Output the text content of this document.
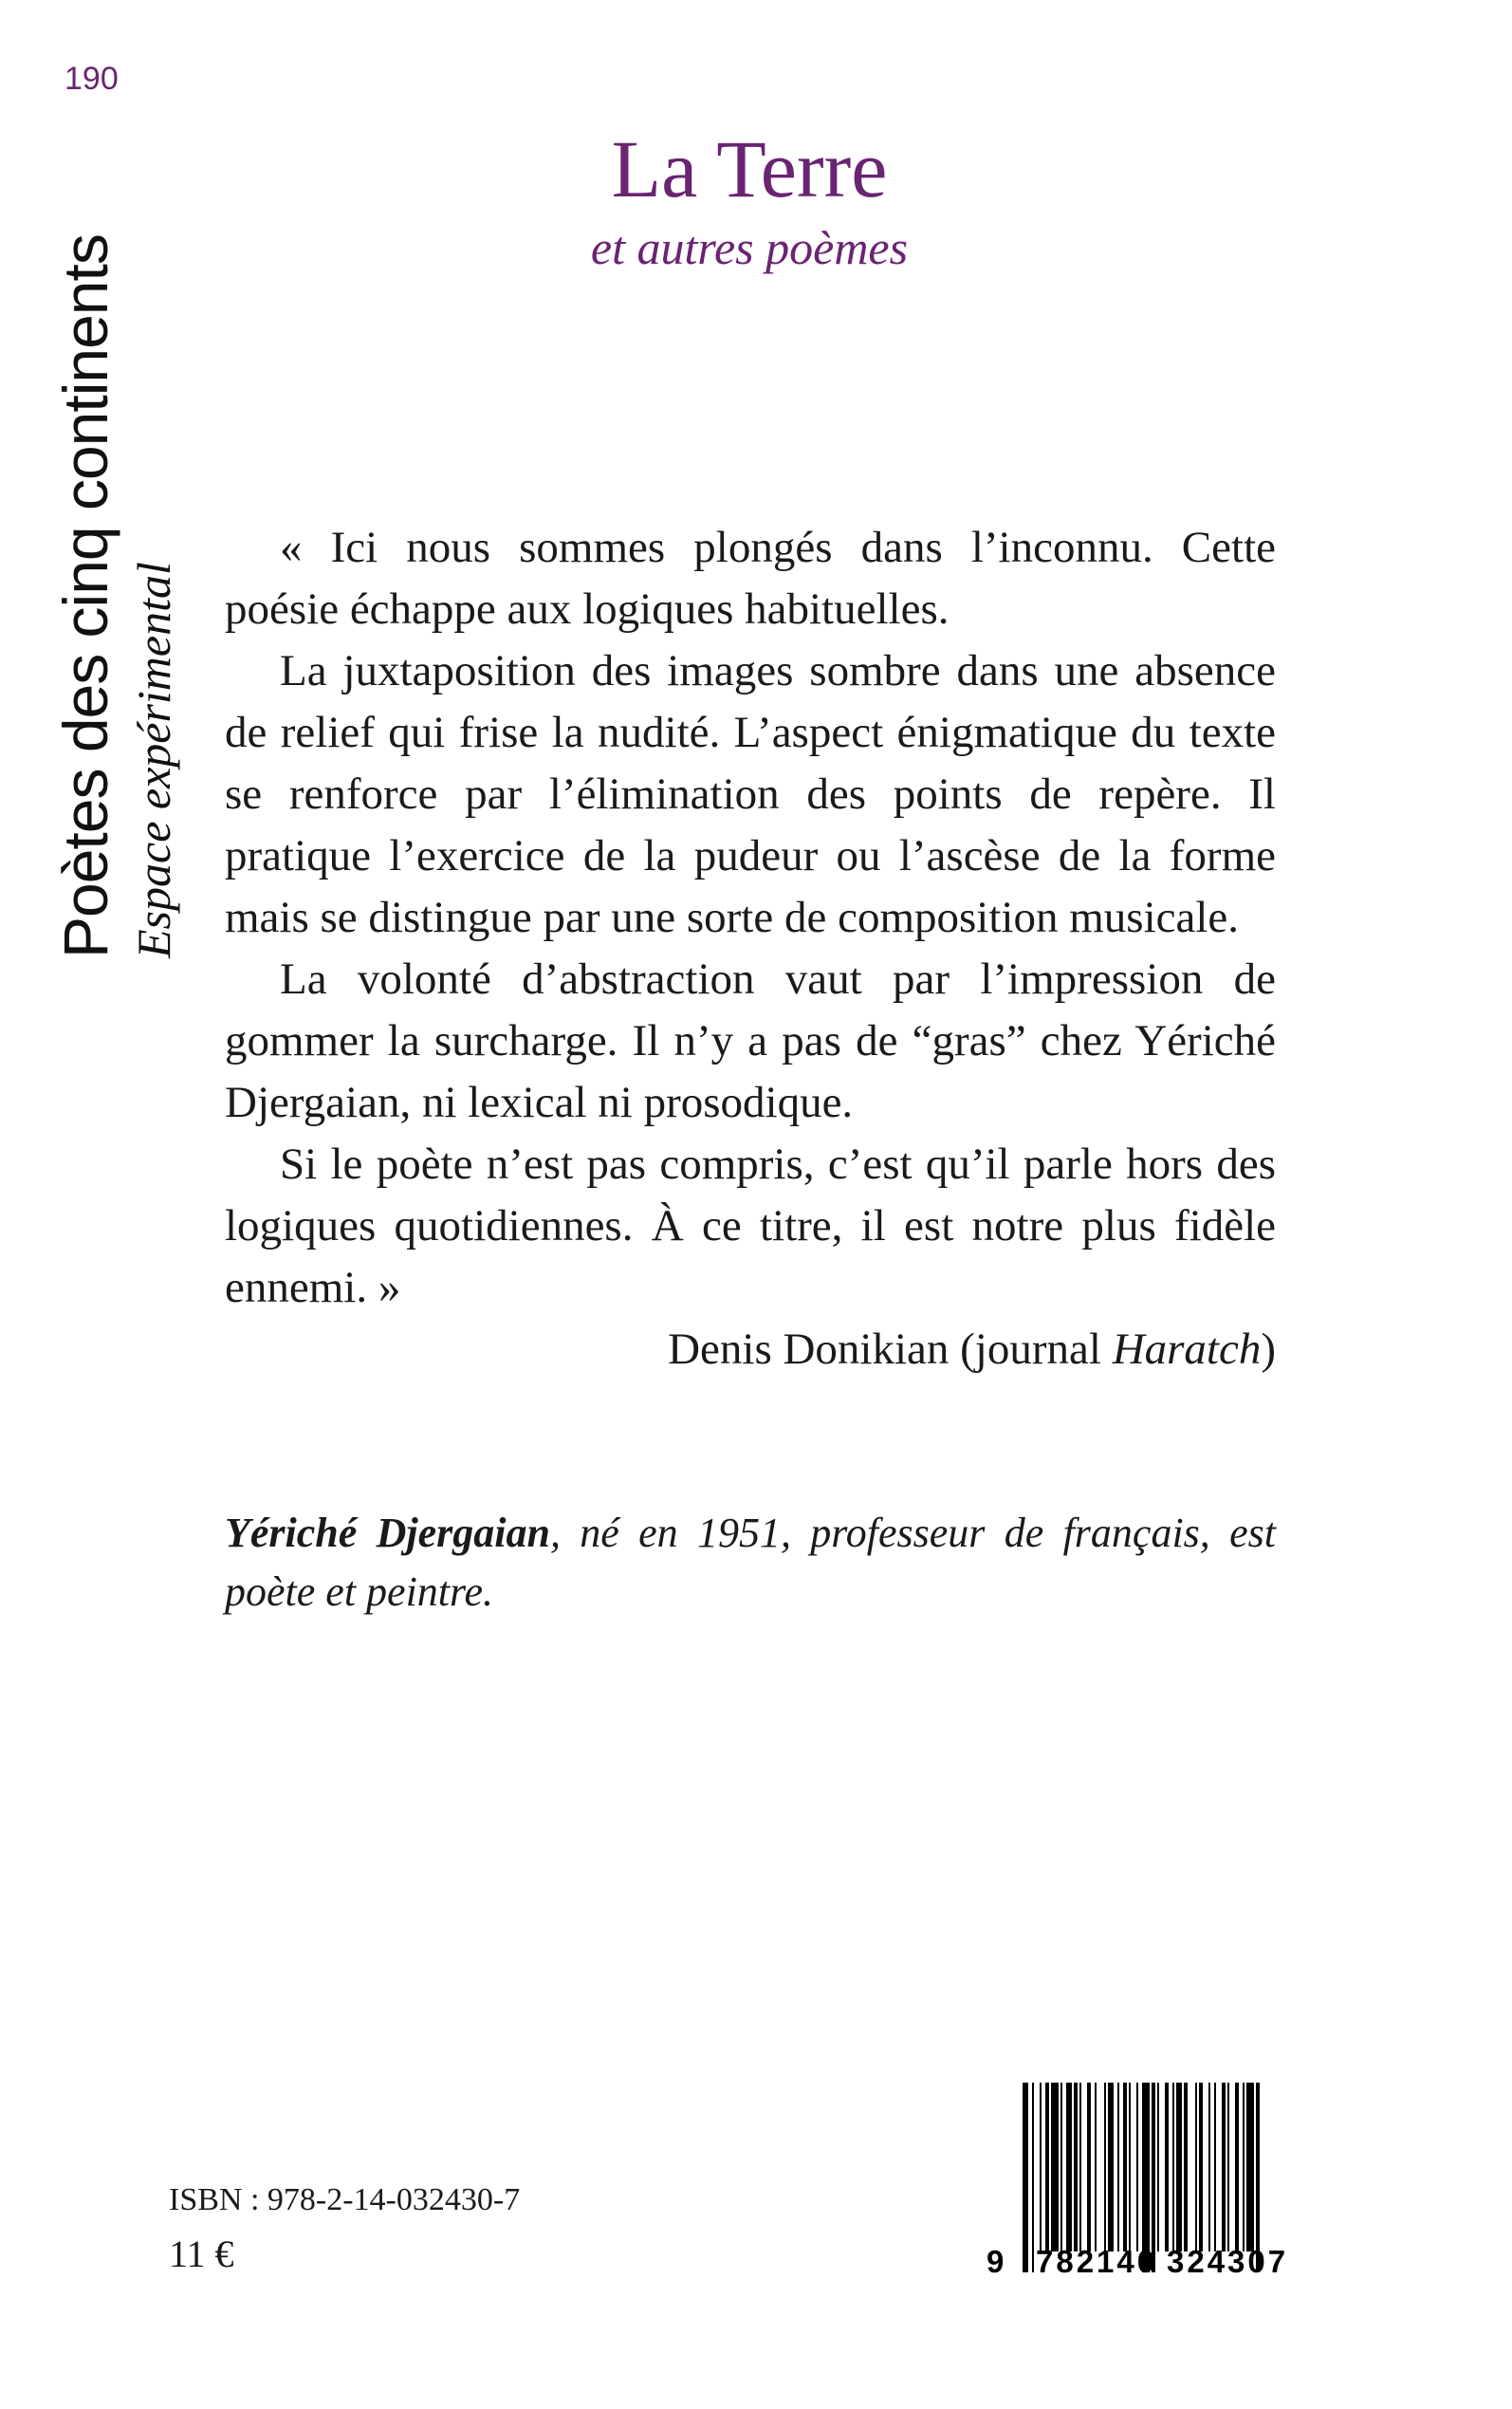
190
Poètes des cinq continents Espace expérimental
La Terre
et autres poèmes

« Ici nous sommes plongés dans l’inconnu. Cette poésie échappe aux logiques habituelles.

La juxtaposition des images sombre dans une absence de relief qui frise la nudité. L’aspect énigmatique du texte se renforce par l’élimination des points de repère. Il pratique l’exercice de la pudeur ou l’ascèse de la forme mais se distingue par une sorte de composition musicale.

La volonté d’abstraction vaut par l’impression de gommer la surcharge. Il n’y a pas de “gras” chez Yériché Djergaian, ni lexical ni prosodique.

Si le poète n’est pas compris, c’est qu’il parle hors des logiques quotidiennes. À ce titre, il est notre plus fidèle ennemi. »

Denis Donikian (journal Haratch)
Yériché Djergaian, né en 1951, professeur de français, est poète et peintre.
ISBN : 978-2-14-032430-7
11 €	9 782140 324307
